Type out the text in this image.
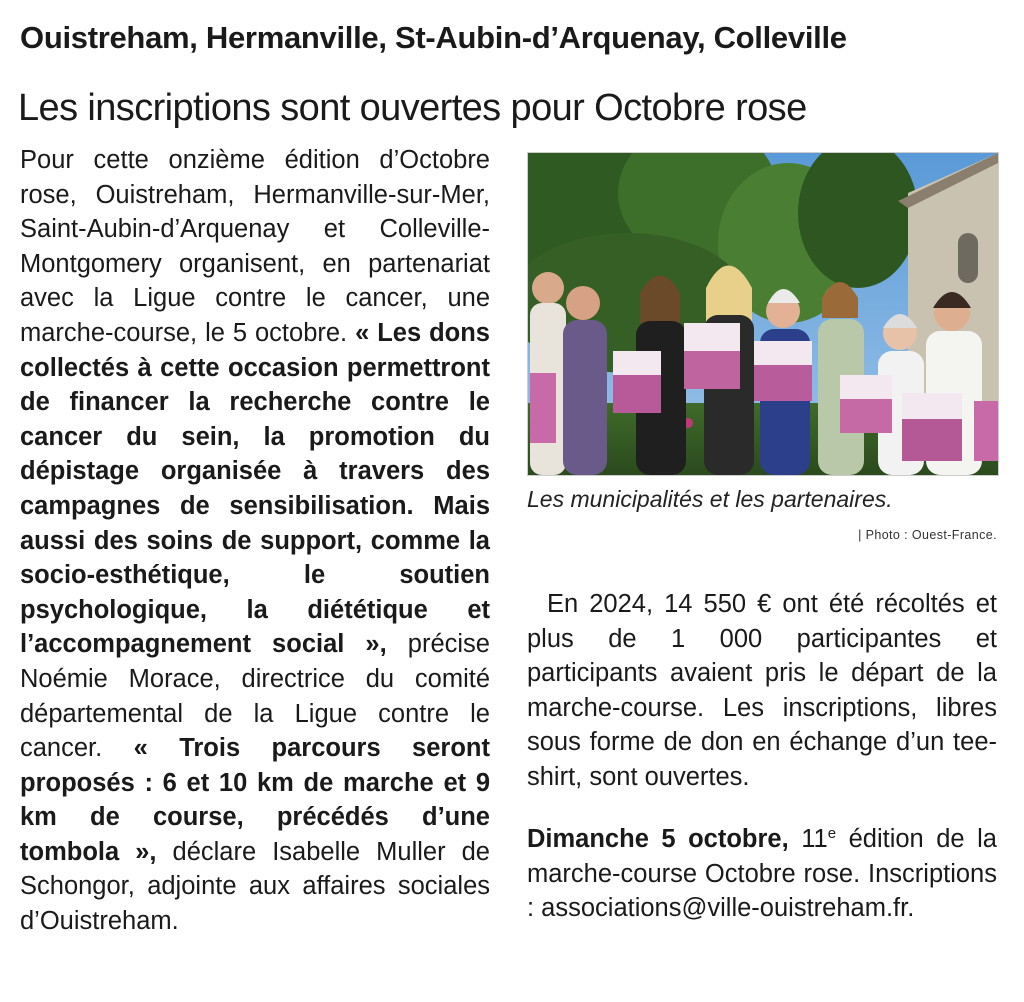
Ouistreham, Hermanville, St-Aubin-d’Arquenay, Colleville
Les inscriptions sont ouvertes pour Octobre rose
Pour cette onzième édition d’Octobre rose, Ouistreham, Hermanville-sur-Mer, Saint-Aubin-d’Arquenay et Colleville-Montgomery organisent, en partenariat avec la Ligue contre le cancer, une marche-course, le 5 octobre. « Les dons collectés à cette occasion permettront de financer la recherche contre le cancer du sein, la promotion du dépistage organisée à travers des campagnes de sensibilisation. Mais aussi des soins de support, comme la socio-esthétique, le soutien psychologique, la diététique et l’accompagnement social », précise Noémie Morace, directrice du comité départemental de la Ligue contre le cancer. « Trois parcours seront proposés : 6 et 10 km de marche et 9 km de course, précédés d’une tombola », déclare Isabelle Muller de Schongor, adjointe aux affaires sociales d’Ouistreham.
Les municipalités et les partenaires.
| Photo : Ouest-France.
En 2024, 14 550 € ont été récoltés et plus de 1 000 participantes et participants avaient pris le départ de la marche-course. Les inscriptions, libres sous forme de don en échange d’un tee-shirt, sont ouvertes.
Dimanche 5 octobre, 11e édition de la marche-course Octobre rose. Inscriptions : associations@ville-ouistreham.fr.
